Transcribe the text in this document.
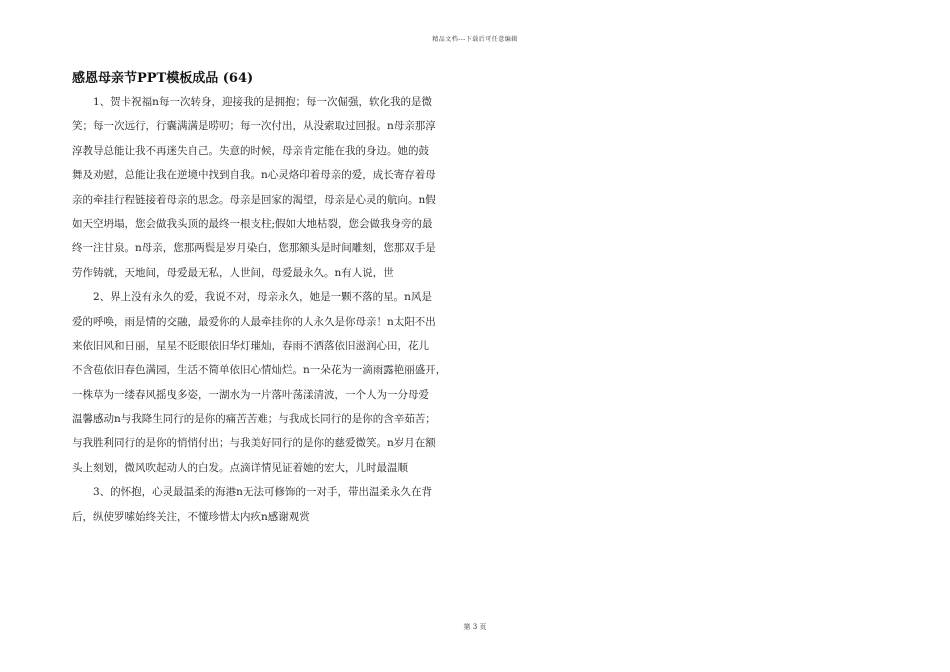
精品文档---下载后可任意编辑
感恩母亲节PPT模板成品 (64)
1、贺卡祝福n每一次转身，迎接我的是拥抱；每一次倔强，软化我的是微
笑；每一次远行，行囊满满是唠叨；每一次付出，从没索取过回报。n母亲那淳
淳教导总能让我不再迷失自己。失意的时候，母亲肯定能在我的身边。她的鼓
舞及劝慰，总能让我在逆境中找到自我。n心灵烙印着母亲的爱，成长寄存着母
亲的牵挂行程链接着母亲的思念。母亲是回家的渴望，母亲是心灵的航向。n假
如天空坍塌，您会做我头顶的最终一根支柱;假如大地枯裂，您会做我身旁的最
终一注甘泉。n母亲，您那两鬓是岁月染白，您那额头是时间雕刻，您那双手是
劳作铸就，天地间，母爱最无私，人世间，母爱最永久。n有人说，世
2、界上没有永久的爱，我说不对，母亲永久，她是一颗不落的星。n风是
爱的呼唤，雨是情的交融，最爱你的人最牵挂你的人永久是你母亲！n太阳不出
来依旧风和日丽，星星不眨眼依旧华灯璀灿，春雨不洒落依旧滋润心田，花儿
不含苞依旧春色满园，生活不简单依旧心情灿烂。n一朵花为一滴雨露艳丽盛开，
一株草为一缕春风摇曳多姿，一湖水为一片落叶荡漾清波，一个人为一分母爱
温馨感动n与我降生同行的是你的痛苦苦难；与我成长同行的是你的含辛茹苦；
与我胜利同行的是你的悄悄付出；与我美好同行的是你的慈爱微笑。n岁月在额
头上刻划，微风吹起动人的白发。点滴详情见证着她的宏大，儿时最温顺
3、的怀抱，心灵最温柔的海港n无法可修饰的一对手，带出温柔永久在背
后，纵使罗嗦始终关注，不懂珍惜太内疚n感谢观赏
第 3 页
